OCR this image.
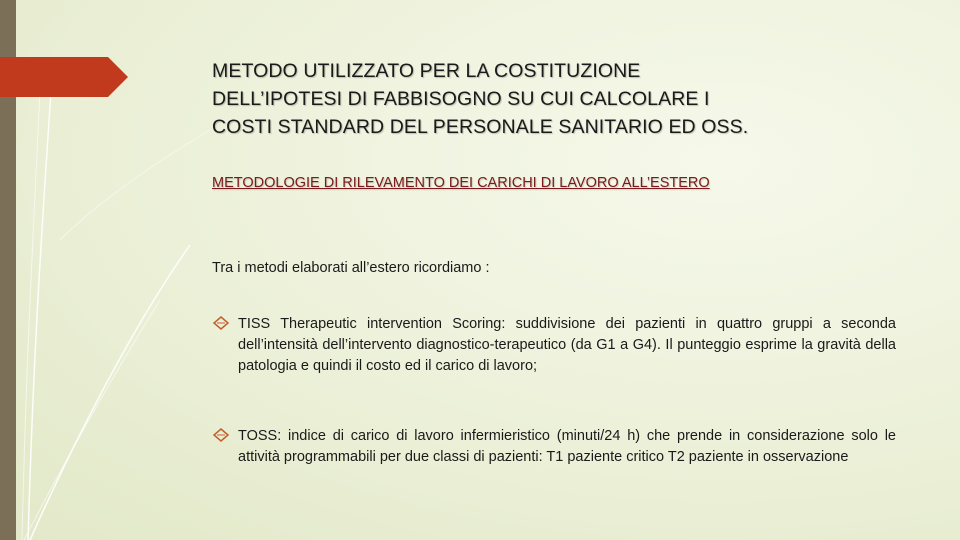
METODO UTILIZZATO PER LA COSTITUZIONE
DELL’IPOTESI DI FABBISOGNO SU CUI CALCOLARE I
COSTI STANDARD DEL PERSONALE SANITARIO ED OSS.

METODOLOGIE DI RILEVAMENTO DEI CARICHI DI LAVORO ALL’ESTERO

Tra i metodi elaborati all’estero ricordiamo :

TISS Therapeutic intervention Scoring: suddivisione dei pazienti in quattro gruppi a seconda dell’intensità dell’intervento diagnostico-terapeutico (da G1 a G4). Il punteggio esprime la gravità della patologia e quindi il costo ed il carico di lavoro;
TOSS: indice di carico di lavoro infermieristico (minuti/24 h) che prende in considerazione solo le attività programmabili per due classi di pazienti: T1 paziente critico T2 paziente in osservazione
